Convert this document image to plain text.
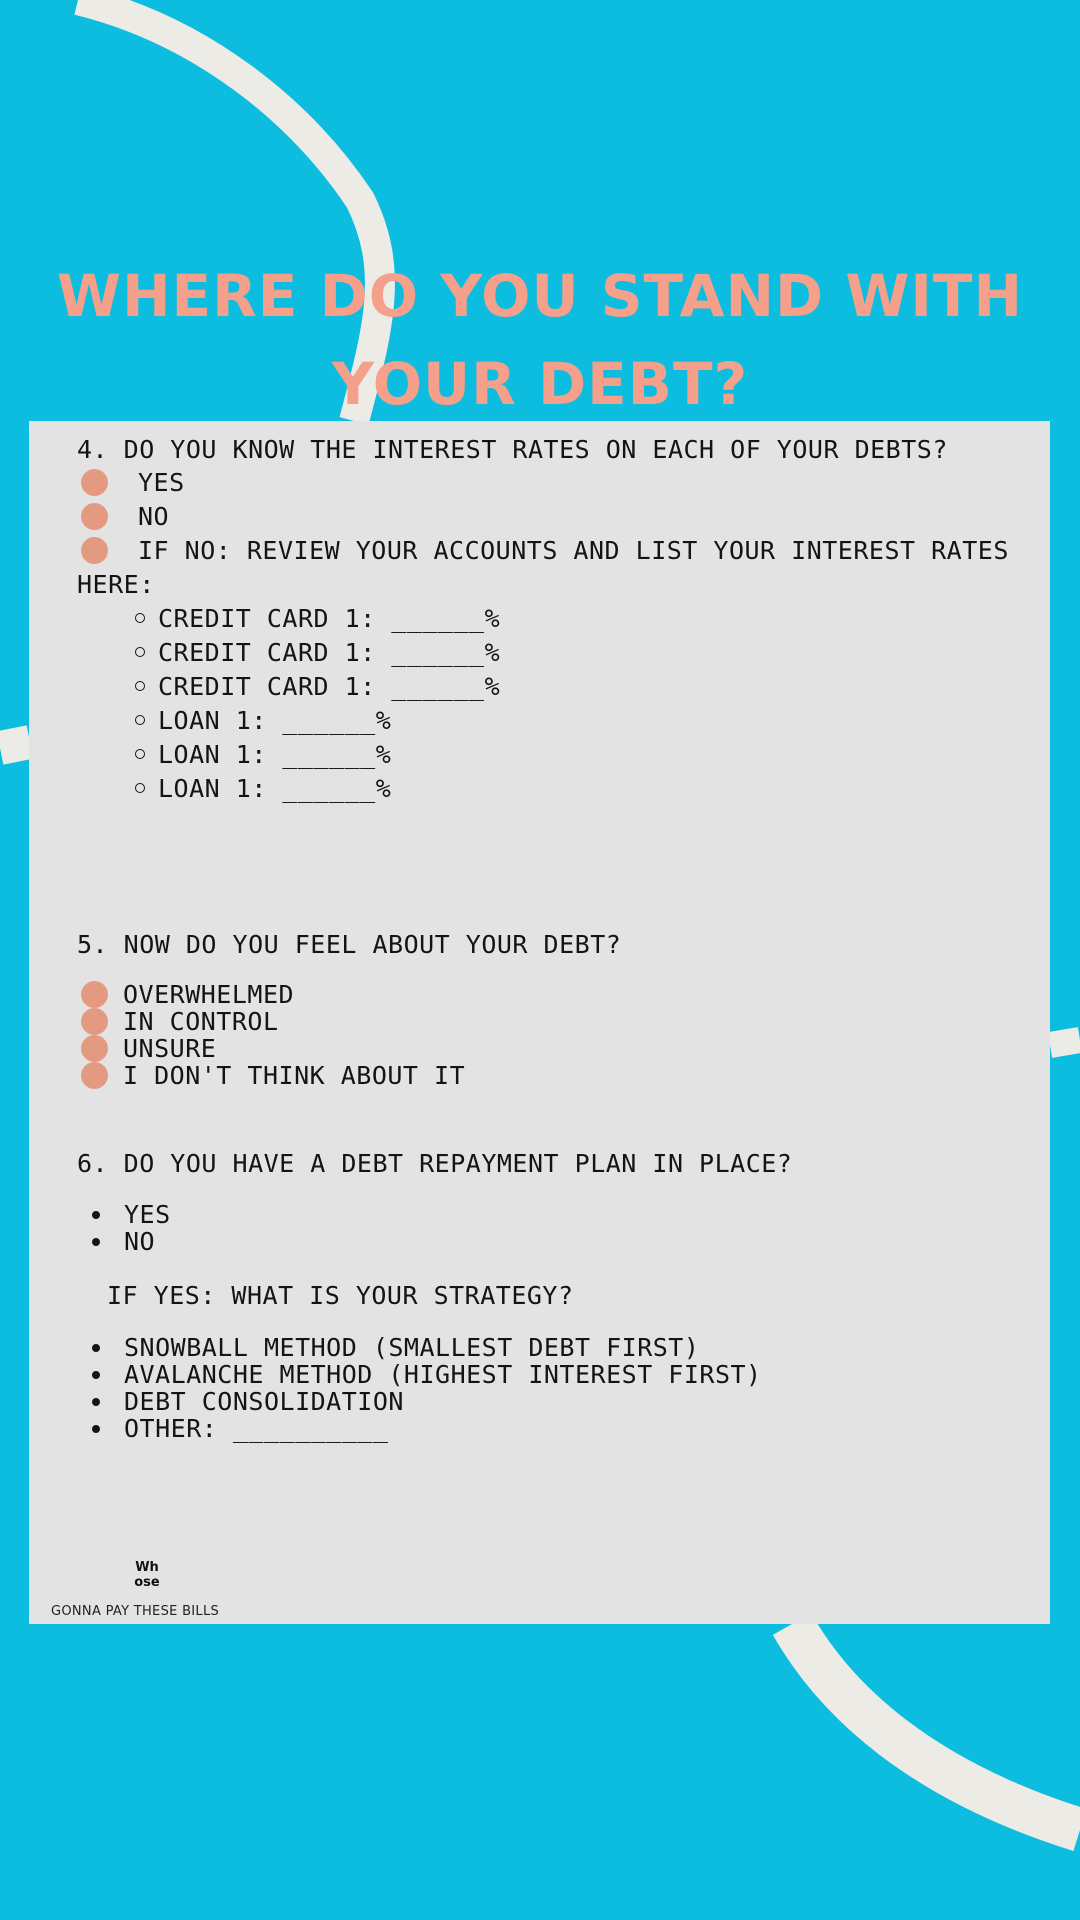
WHERE DO YOU STAND WITH YOUR DEBT?

4. DO YOU KNOW THE INTEREST RATES ON EACH OF YOUR DEBTS?

YES
NO
IF NO: REVIEW YOUR ACCOUNTS AND LIST YOUR INTEREST RATES
HERE:
CREDIT CARD 1: ______%
CREDIT CARD 1: ______%
CREDIT CARD 1: ______%
LOAN 1: ______%
LOAN 1: ______%
LOAN 1: ______%

5. NOW DO YOU FEEL ABOUT YOUR DEBT?

OVERWHELMED
IN CONTROL
UNSURE
I DON'T THINK ABOUT IT

6. DO YOU HAVE A DEBT REPAYMENT PLAN IN PLACE?

YES
NO

IF YES: WHAT IS YOUR STRATEGY?

SNOWBALL METHOD (SMALLEST DEBT FIRST)
AVALANCHE METHOD (HIGHEST INTEREST FIRST)
DEBT CONSOLIDATION
OTHER: __________
Wh
ose
GONNA PAY THESE BILLS
